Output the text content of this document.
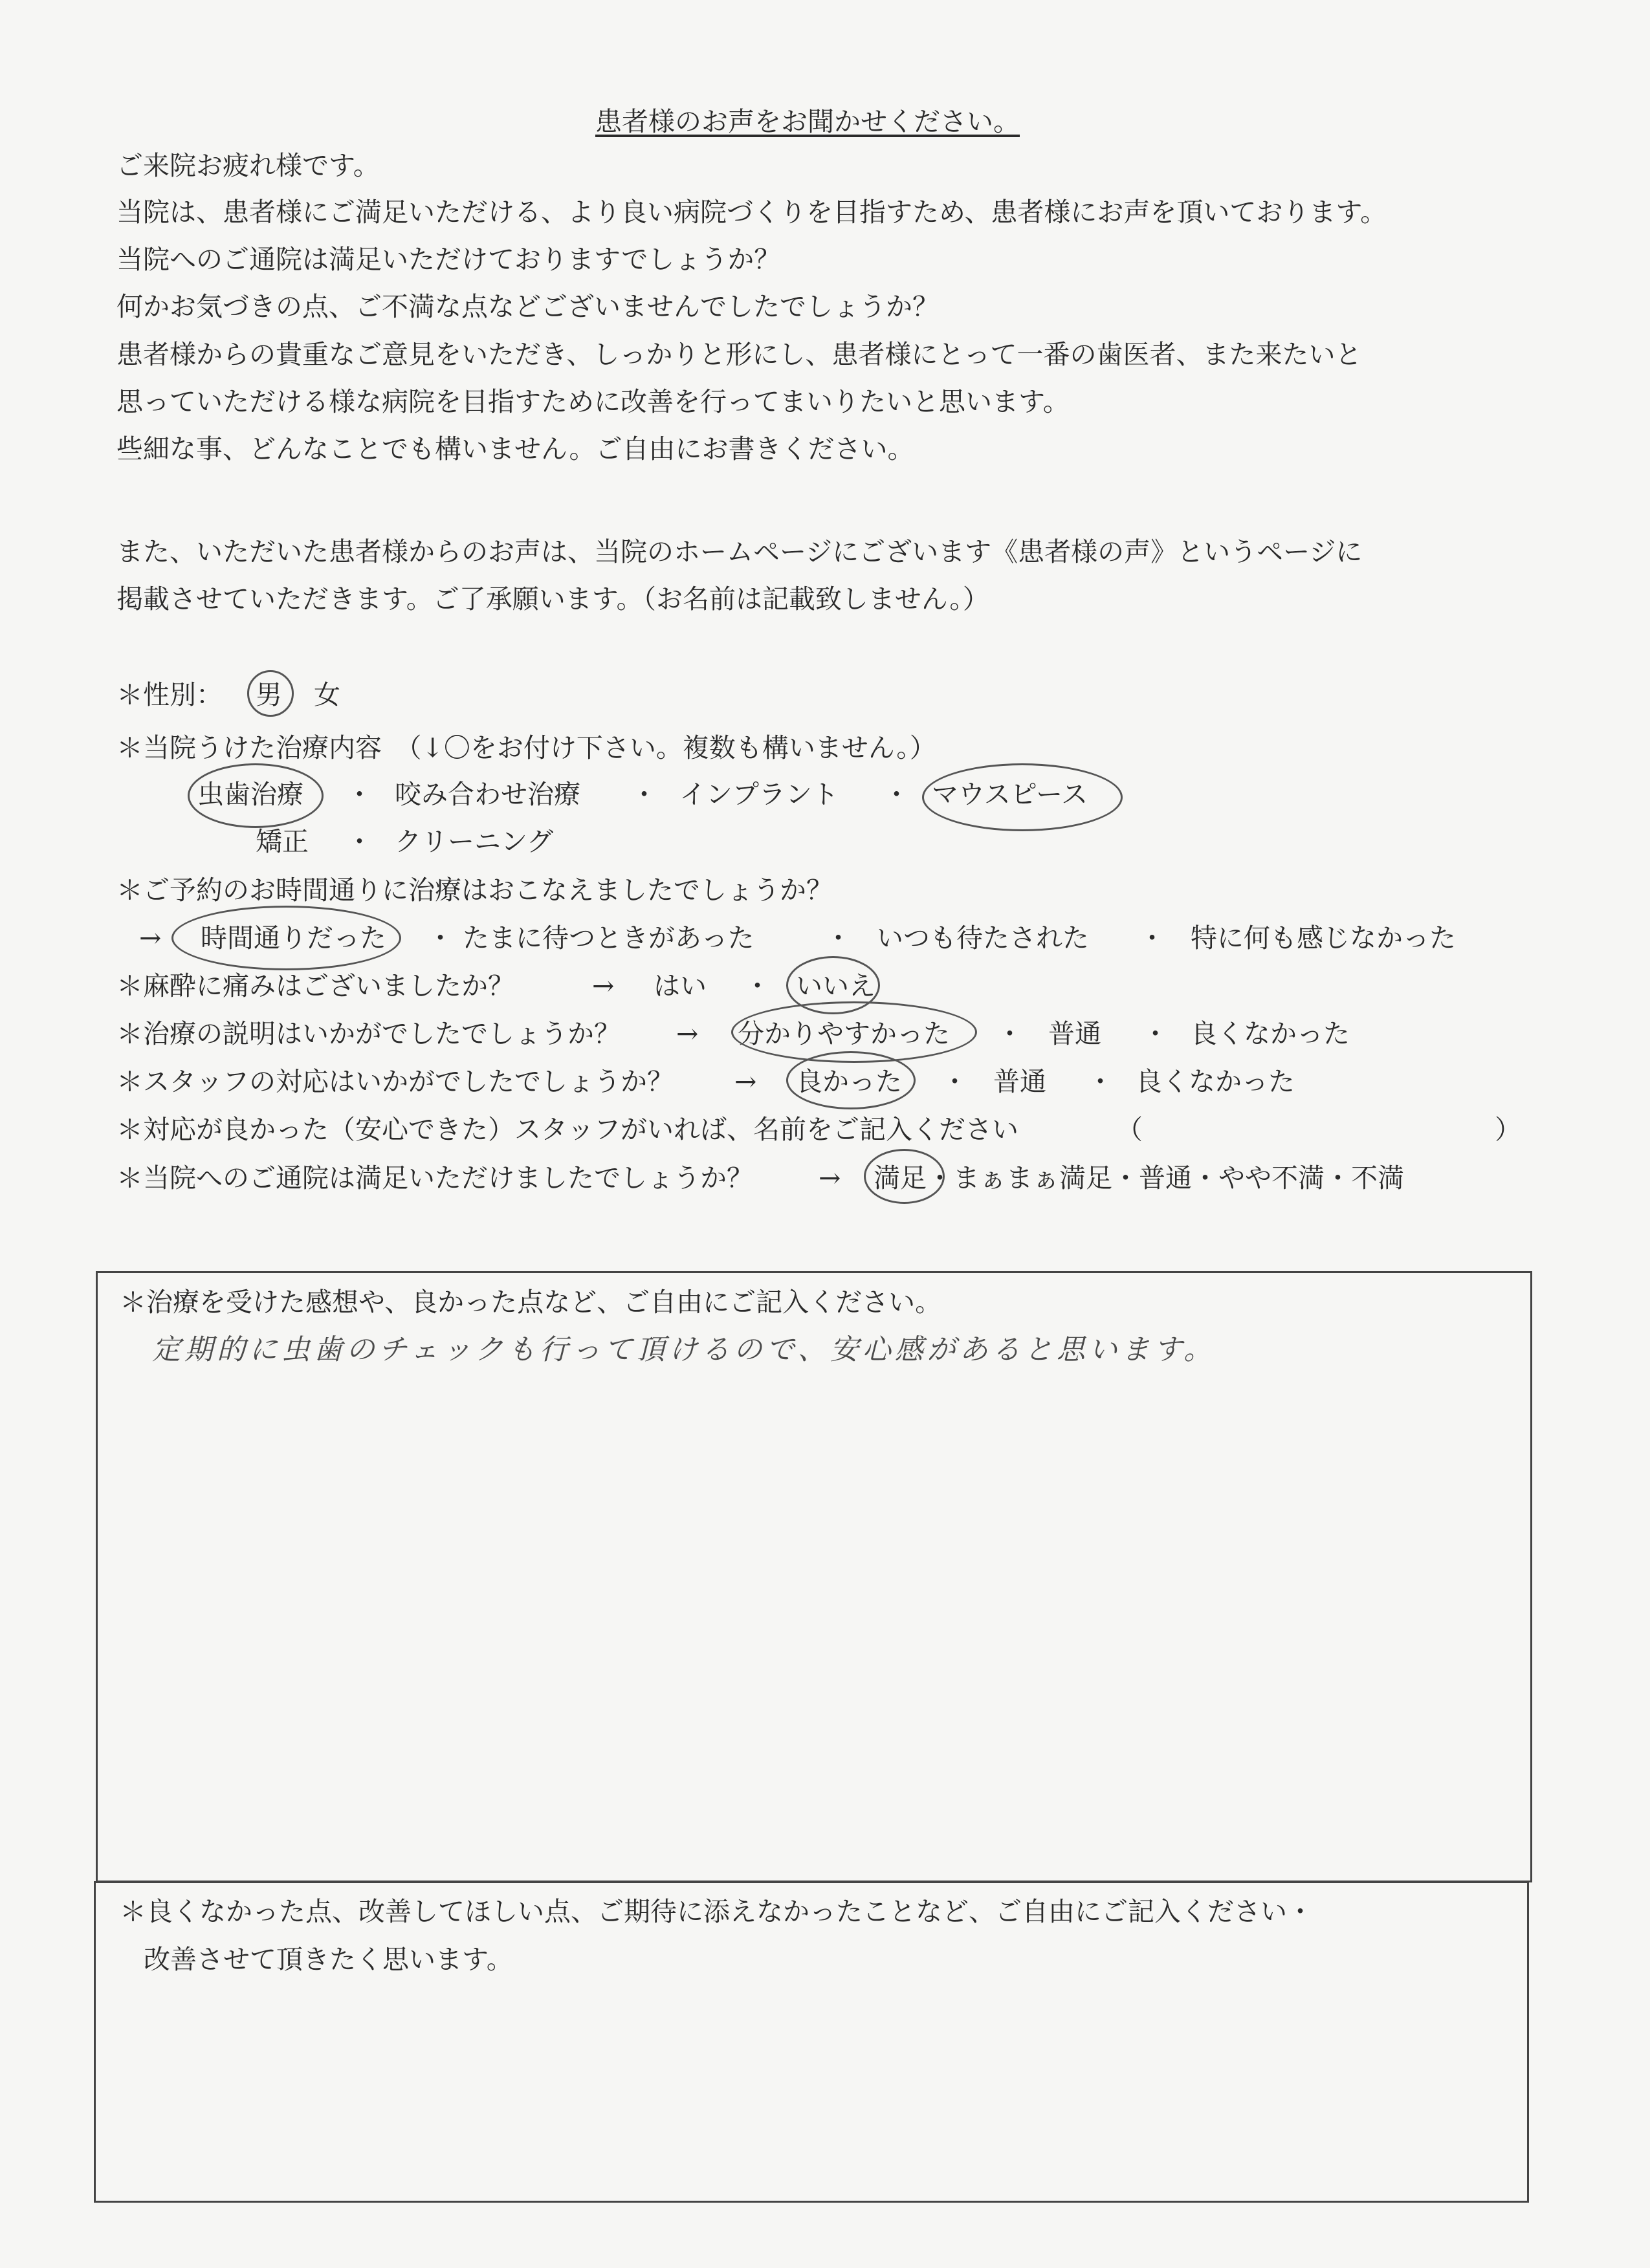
患者様のお声をお聞かせください。
ご来院お疲れ様です。
当院は、患者様にご満足いただける、より良い病院づくりを目指すため、患者様にお声を頂いております。
当院へのご通院は満足いただけておりますでしょうか？
何かお気づきの点、ご不満な点などございませんでしたでしょうか？
患者様からの貴重なご意見をいただき、しっかりと形にし、患者様にとって一番の歯医者、また来たいと
思っていただける様な病院を目指すために改善を行ってまいりたいと思います。
些細な事、どんなことでも構いません。ご自由にお書きください。
また、いただいた患者様からのお声は、当院のホームページにございます《患者様の声》というページに
掲載させていただきます。ご了承願います。（お名前は記載致しません。）
＊性別： 男 女
＊当院うけた治療内容　（↓〇をお付け下さい。複数も構いません。）
虫歯治療 ・ 咬み合わせ治療 ・ インプラント ・ マウスピース
矯正 ・ クリーニング
＊ご予約のお時間通りに治療はおこなえましたでしょうか？
→ 時間通りだった ・ たまに待つときがあった	・ いつも待たされた ・ 特に何も感じなかった
＊麻酔に痛みはございましたか？	→ はい ・ いいえ
＊治療の説明はいかがでしたでしょうか？ → 分かりやすかった ・ 普通 ・ 良くなかった
＊スタッフの対応はいかがでしたでしょうか？ → 良かった ・ 普通 ・ 良くなかった
＊対応が良かった（安心できた）スタッフがいれば、名前をご記入ください	（	）
＊当院へのご通院は満足いただけましたでしょうか？ → 満足・まぁまぁ満足・普通・やや不満・不満
＊治療を受けた感想や、良かった点など、ご自由にご記入ください。
定期的に虫歯のチェックも行って頂けるので、安心感があると思います。
＊良くなかった点、改善してほしい点、ご期待に添えなかったことなど、ご自由にご記入ください・
改善させて頂きたく思います。
